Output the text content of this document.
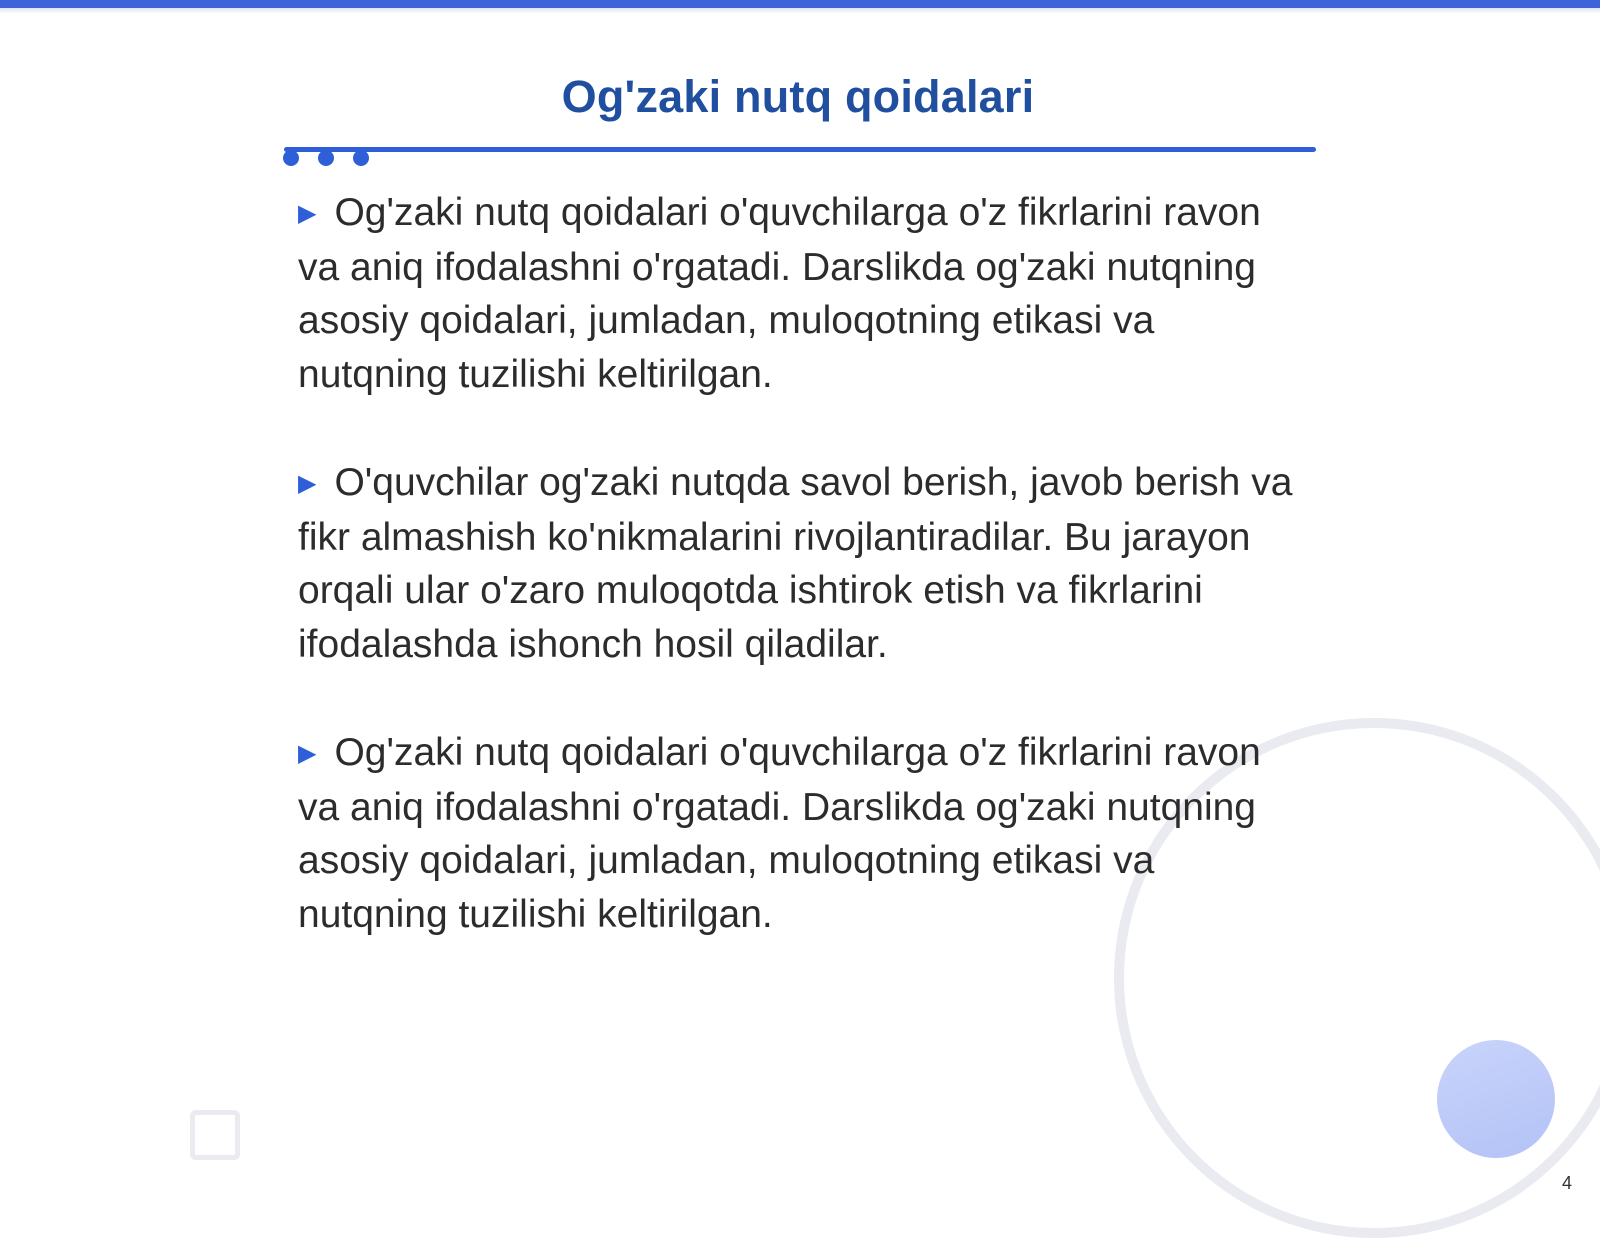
Og'zaki nutq qoidalari

▶ Og'zaki nutq qoidalari o'quvchilarga o'z fikrlarini ravon va aniq ifodalashni o'rgatadi. Darslikda og'zaki nutqning asosiy qoidalari, jumladan, muloqotning etikasi va nutqning tuzilishi keltirilgan.

▶ O'quvchilar og'zaki nutqda savol berish, javob berish va fikr almashish ko'nikmalarini rivojlantiradilar. Bu jarayon orqali ular o'zaro muloqotda ishtirok etish va fikrlarini ifodalashda ishonch hosil qiladilar.

▶ Og'zaki nutq qoidalari o'quvchilarga o'z fikrlarini ravon va aniq ifodalashni o'rgatadi. Darslikda og'zaki nutqning asosiy qoidalari, jumladan, muloqotning etikasi va nutqning tuzilishi keltirilgan.

4
